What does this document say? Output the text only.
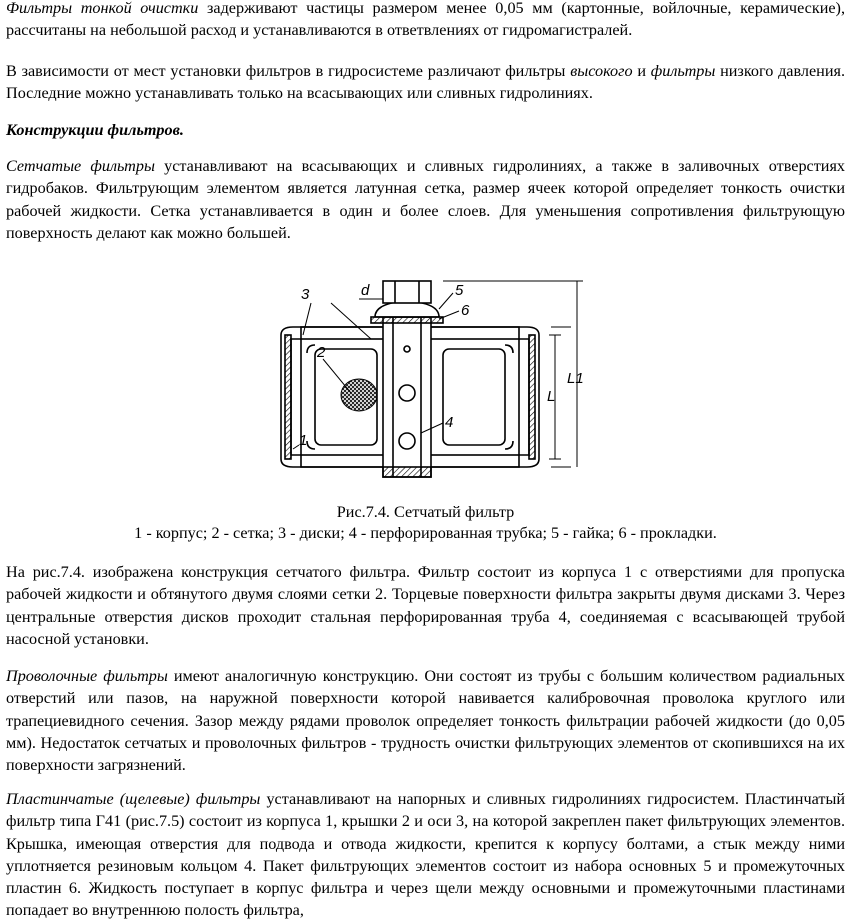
Фильтры тонкой очистки задерживают частицы размером менее 0,05 мм (картонные, войлочные, керамические), рассчитаны на небольшой расход и устанавливаются в ответвлениях от гидромагистралей.

В зависимости от мест установки фильтров в гидросистеме различают фильтры высокого и фильтры низкого давления. Последние можно устанавливать только на всасывающих или сливных гидролиниях.

Конструкции фильтров.

Сетчатые фильтры устанавливают на всасывающих и сливных гидролиниях, а также в заливочных отверстиях гидробаков. Фильтрующим элементом является латунная сетка, размер ячеек которой определяет тонкость очистки рабочей жидкости. Сетка устанавливается в один и более слоев. Для уменьшения сопротивления фильтрующую поверхность делают как можно большей.

d
3
2
1
5
6
4
L
L1

Рис.7.4. Сетчатый фильтр

1 - корпус; 2 - сетка; 3 - диски; 4 - перфорированная трубка; 5 - гайка; 6 - прокладки.

На рис.7.4. изображена конструкция сетчатого фильтра. Фильтр состоит из корпуса 1 с отверстиями для пропуска рабочей жидкости и обтянутого двумя слоями сетки 2. Торцевые поверхности фильтра закрыты двумя дисками 3. Через центральные отверстия дисков проходит стальная перфорированная труба 4, соединяемая с всасывающей трубой насосной установки.

Проволочные фильтры имеют аналогичную конструкцию. Они состоят из трубы с большим количеством радиальных отверстий или пазов, на наружной поверхности которой навивается калибровочная проволока круглого или трапециевидного сечения. Зазор между рядами проволок определяет тонкость фильтрации рабочей жидкости (до 0,05 мм). Недостаток сетчатых и проволочных фильтров - трудность очистки фильтрующих элементов от скопившихся на их поверхности загрязнений.

Пластинчатые (щелевые) фильтры устанавливают на напорных и сливных гидролиниях гидросистем. Пластинчатый фильтр типа Г41 (рис.7.5) состоит из корпуса 1, крышки 2 и оси 3, на которой закреплен пакет фильтрующих элементов. Крышка, имеющая отверстия для подвода и отвода жидкости, крепится к корпусу болтами, а стык между ними уплотняется резиновым кольцом 4. Пакет фильтрующих элементов состоит из набора основных 5 и промежуточных пластин 6. Жидкость поступает в корпус фильтра и через щели между основными и промежуточными пластинами попадает во внутреннюю полость фильтра,
